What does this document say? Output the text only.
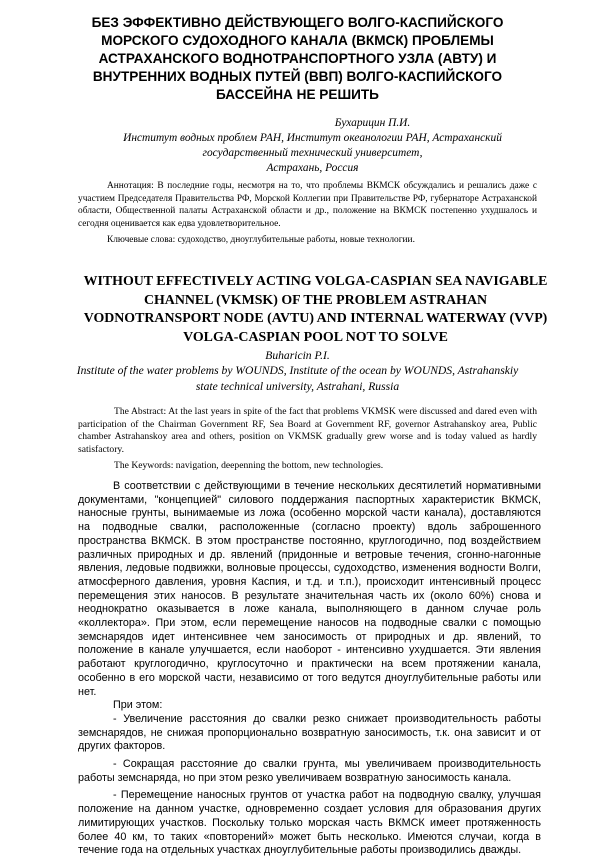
БЕЗ ЭФФЕКТИВНО ДЕЙСТВУЮЩЕГО ВОЛГО-КАСПИЙСКОГО МОРСКОГО СУДОХОДНОГО КАНАЛА (ВКМСК) ПРОБЛЕМЫ АСТРАХАНСКОГО ВОДНОТРАНСПОРТНОГО УЗЛА (АВТУ) И ВНУТРЕННИХ ВОДНЫХ ПУТЕЙ (ВВП) ВОЛГО-КАСПИЙСКОГО БАССЕЙНА НЕ РЕШИТЬ
Бухарицин П.И.
Институт водных проблем РАН, Институт океанологии РАН, Астраханский
государственный технический университет,
Астрахань, Россия

Аннотация: В последние годы, несмотря на то, что проблемы ВКМСК обсуждались и решались даже с участием Председателя Правительства РФ, Морской Коллегии при Правительстве РФ, губернаторе Астраханской области, Общественной палаты Астраханской области и др., положение на ВКМСК постепенно ухудшалось и сегодня оценивается как едва удовлетворительное.

Ключевые слова: судоходство, дноуглубительные работы, новые технологии.

WITHOUT EFFECTIVELY ACTING VOLGA-CASPIAN SEA NAVIGABLE CHANNEL (VKMSK) OF THE PROBLEM ASTRAHAN VODNOTRANSPORT NODE (AVTU) AND INTERNAL WATERWAY (VVP) VOLGA-CASPIAN POOL NOT TO SOLVE
Buharicin P.I.
Institute of the water problems by WOUNDS, Institute of the ocean by WOUNDS, Astrahanskiy
state technical university, Astrahani, Russia

The Abstract: At the last years in spite of the fact that problems VKMSK were discussed and dared even with participation of the Chairman Government RF, Sea Board at Government RF, governor Astrahanskoy area, Public chamber Astrahanskoy area and others, position on VKMSK gradually grew worse and is today valued as hardly satisfactory.

The Keywords: navigation, deepenning the bottom, new technologies.

В соответствии с действующими в течение нескольких десятилетий нормативными документами, "концепцией" силового поддержания паспортных характеристик ВКМСК, наносные грунты, вынимаемые из ложа (особенно морской части канала), доставляются на подводные свалки, расположенные (согласно проекту) вдоль заброшенного пространства ВКМСК. В этом пространстве постоянно, круглогодично, под воздействием различных природных и др. явлений (придонные и ветровые течения, сгонно-нагонные явления, ледовые подвижки, волновые процессы, судоходство, изменения водности Волги, атмосферного давления, уровня Каспия, и т.д. и т.п.), происходит интенсивный процесс перемещения этих наносов. В результате значительная часть их (около 60%) снова и неоднократно оказывается в ложе канала, выполняющего в данном случае роль «коллектора». При этом, если перемещение наносов на подводные свалки с помощью земснарядов идет интенсивнее чем заносимость от природных и др. явлений, то положение в канале улучшается, если наоборот - интенсивно ухудшается. Эти явления работают круглогодично, круглосуточно и практически на всем протяжении канала, особенно в его морской части, независимо от того ведутся дноуглубительные работы или нет.

При этом:

- Увеличение расстояния до свалки резко снижает производительность работы земснарядов, не снижая пропорционально возвратную заносимость, т.к. она зависит и от других факторов.

- Сокращая расстояние до свалки грунта, мы увеличиваем производительность работы земснаряда, но при этом резко увеличиваем возвратную заносимость канала.

- Перемещение наносных грунтов от участка работ на подводную свалку, улучшая положение на данном участке, одновременно создает условия для образования других лимитирующих участков. Поскольку только морская часть ВКМСК имеет протяженность более 40 км, то таких «повторений» может быть несколько. Имеются случаи, когда в течение года на отдельных участках дноуглубительные работы производились дважды.
